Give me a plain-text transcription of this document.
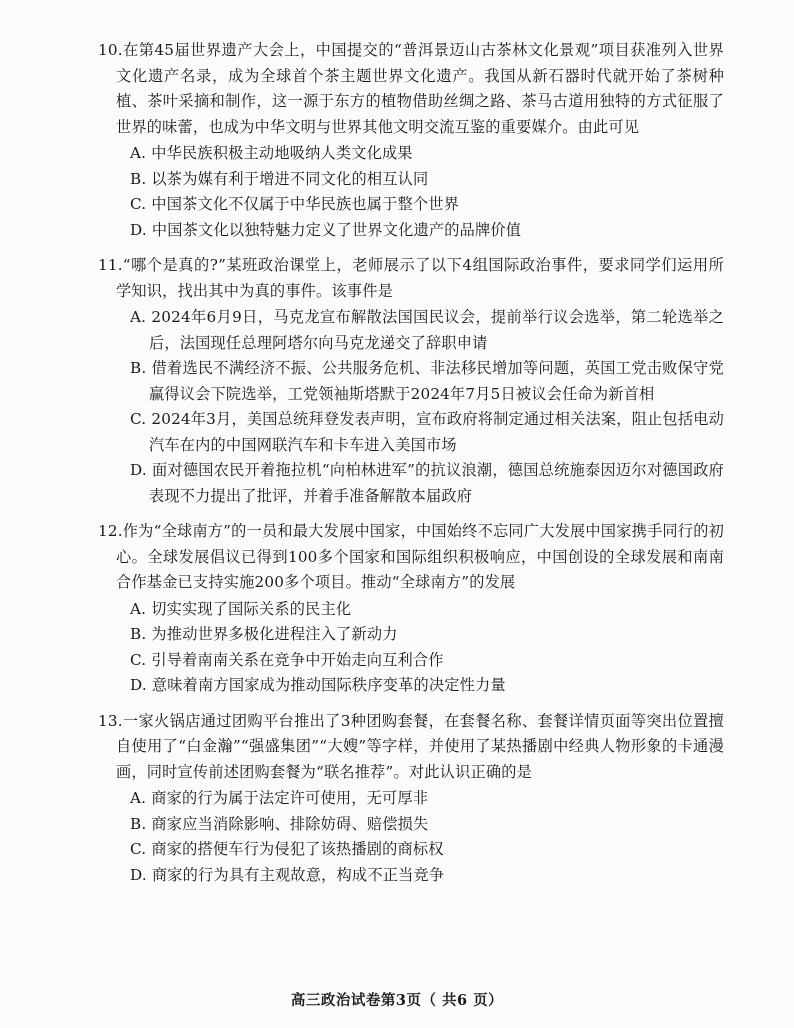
10.在第45届世界遗产大会上，中国提交的“普洱景迈山古茶林文化景观”项目获准列入世界文化遗产名录，成为全球首个茶主题世界文化遗产。我国从新石器时代就开始了茶树种植、茶叶采摘和制作，这一源于东方的植物借助丝绸之路、茶马古道用独特的方式征服了世界的味蕾，也成为中华文明与世界其他文明交流互鉴的重要媒介。由此可见
A. 中华民族积极主动地吸纳人类文化成果
B. 以茶为媒有利于增进不同文化的相互认同
C. 中国茶文化不仅属于中华民族也属于整个世界
D. 中国茶文化以独特魅力定义了世界文化遗产的品牌价值
11.“哪个是真的?”某班政治课堂上，老师展示了以下4组国际政治事件，要求同学们运用所学知识，找出其中为真的事件。该事件是
A. 2024年6月9日，马克龙宣布解散法国国民议会，提前举行议会选举，第二轮选举之后，法国现任总理阿塔尔向马克龙递交了辞职申请
B. 借着选民不满经济不振、公共服务危机、非法移民增加等问题，英国工党击败保守党赢得议会下院选举，工党领袖斯塔默于2024年7月5日被议会任命为新首相
C. 2024年3月，美国总统拜登发表声明，宣布政府将制定通过相关法案，阻止包括电动汽车在内的中国网联汽车和卡车进入美国市场
D. 面对德国农民开着拖拉机“向柏林进军”的抗议浪潮，德国总统施泰因迈尔对德国政府表现不力提出了批评，并着手准备解散本届政府
12.作为“全球南方”的一员和最大发展中国家，中国始终不忘同广大发展中国家携手同行的初心。全球发展倡议已得到100多个国家和国际组织积极响应，中国创设的全球发展和南南合作基金已支持实施200多个项目。推动“全球南方”的发展
A. 切实实现了国际关系的民主化
B. 为推动世界多极化进程注入了新动力
C. 引导着南南关系在竞争中开始走向互利合作
D. 意味着南方国家成为推动国际秩序变革的决定性力量
13.一家火锅店通过团购平台推出了3种团购套餐，在套餐名称、套餐详情页面等突出位置擅自使用了“白金瀚”“强盛集团”“大嫂”等字样，并使用了某热播剧中经典人物形象的卡通漫画，同时宣传前述团购套餐为“联名推荐”。对此认识正确的是
A. 商家的行为属于法定许可使用，无可厚非
B. 商家应当消除影响、排除妨碍、赔偿损失
C. 商家的搭便车行为侵犯了该热播剧的商标权
D. 商家的行为具有主观故意，构成不正当竞争
高三政治试卷第3页（ 共6 页）
